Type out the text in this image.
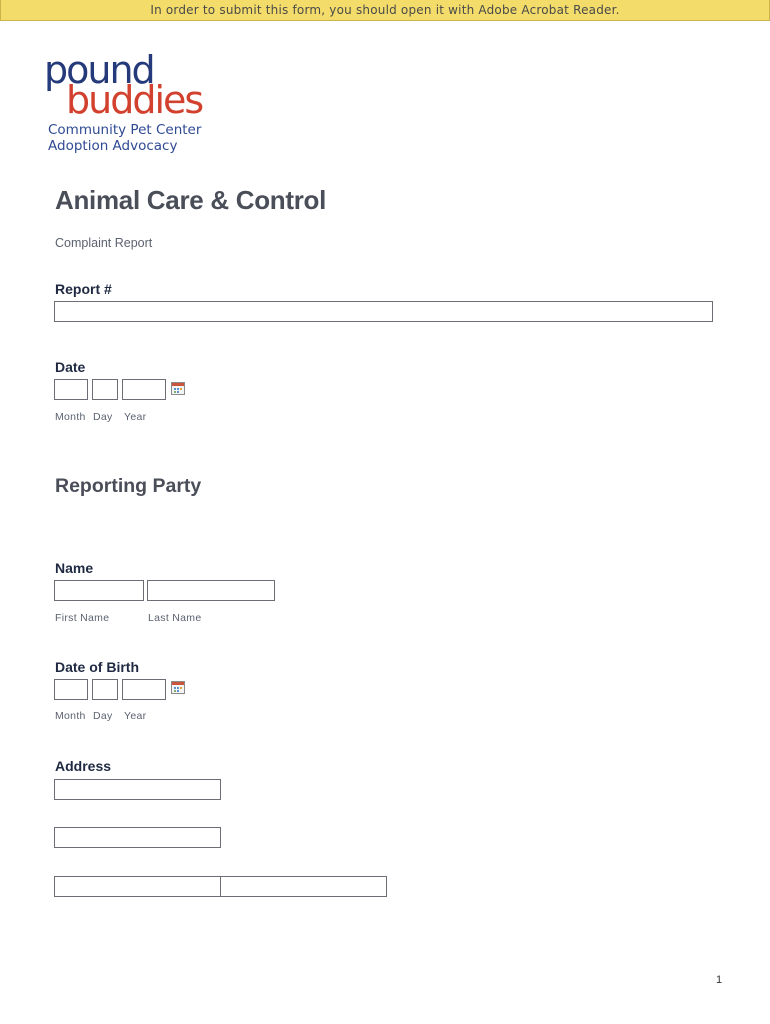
In order to submit this form, you should open it with Adobe Acrobat Reader.
pound
buddies
Community Pet Center
Adoption Advocacy
Animal Care & Control
Complaint Report
Report #
Date
Month Day Year
Reporting Party
Name
First Name	Last Name
Date of Birth
Month Day Year
Address
1
